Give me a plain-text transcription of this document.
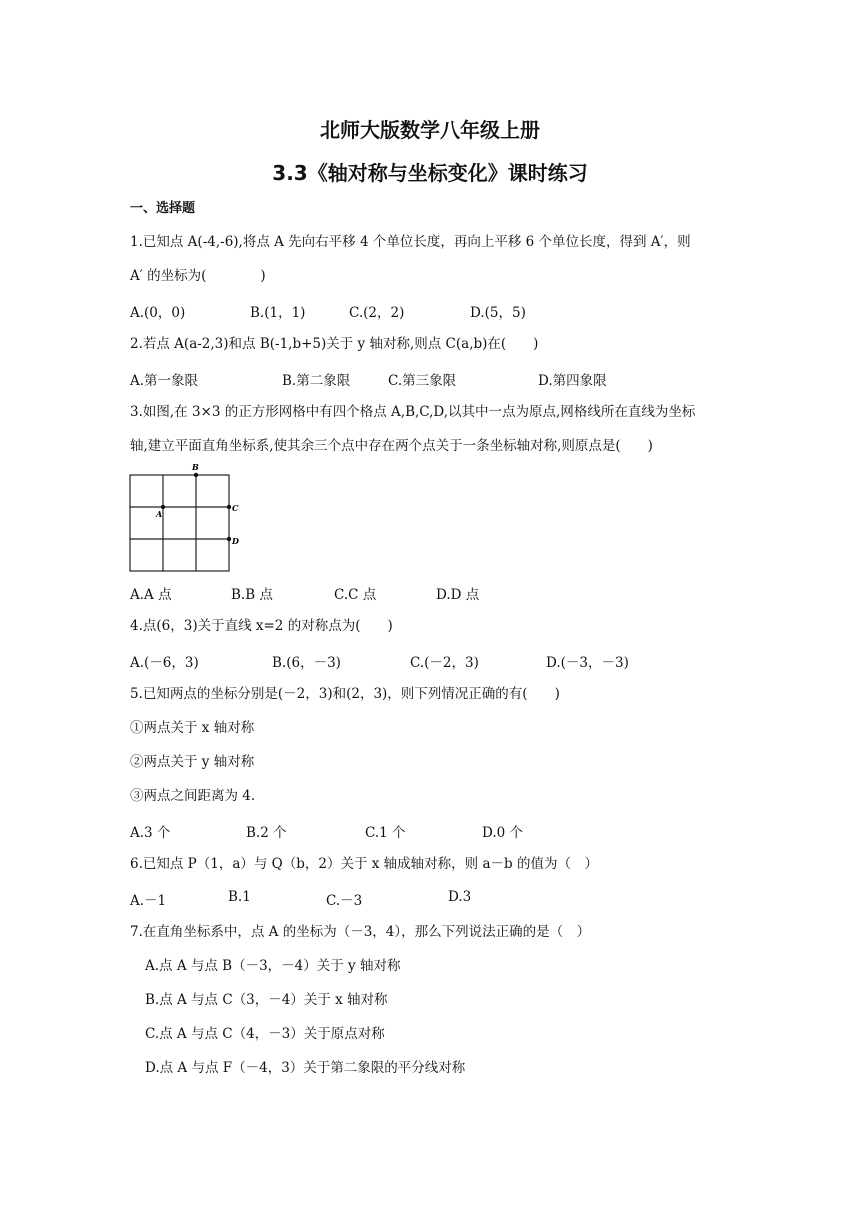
北师大版数学八年级上册
3.3《轴对称与坐标变化》课时练习
一、选择题
1.已知点 A(-4,-6),将点 A 先向右平移 4 个单位长度，再向上平移 6 个单位长度，得到 A′，则
A′ 的坐标为(　　　　)
A.(0，0)	B.(1，1)	C.(2，2)	D.(5，5)
2.若点 A(a-2,3)和点 B(-1,b+5)关于 y 轴对称,则点 C(a,b)在(　　)
A.第一象限	B.第二象限	C.第三象限	D.第四象限
3.如图,在 3×3 的正方形网格中有四个格点 A,B,C,D,以其中一点为原点,网格线所在直线为坐标
轴,建立平面直角坐标系,使其余三个点中存在两个点关于一条坐标轴对称,则原点是(　　)
A
B
C
D
A.A 点	B.B 点	C.C 点	D.D 点
4.点(6，3)关于直线 x=2 的对称点为(　　)
A.(－6，3)	B.(6，－3)	C.(－2，3)	D.(－3，－3)
5.已知两点的坐标分别是(－2，3)和(2，3)，则下列情况正确的有(　　)
①两点关于 x 轴对称
②两点关于 y 轴对称
③两点之间距离为 4.
A.3 个	B.2 个	C.1 个	D.0 个
6.已知点 P（1，a）与 Q（b，2）关于 x 轴成轴对称，则 a－b 的值为（　）
A.－1	B.1	C.－3	D.3
7.在直角坐标系中，点 A 的坐标为（－3，4），那么下列说法正确的是（　）
A.点 A 与点 B（－3，－4）关于 y 轴对称
B.点 A 与点 C（3，－4）关于 x 轴对称
C.点 A 与点 C（4，－3）关于原点对称
D.点 A 与点 F（－4，3）关于第二象限的平分线对称
